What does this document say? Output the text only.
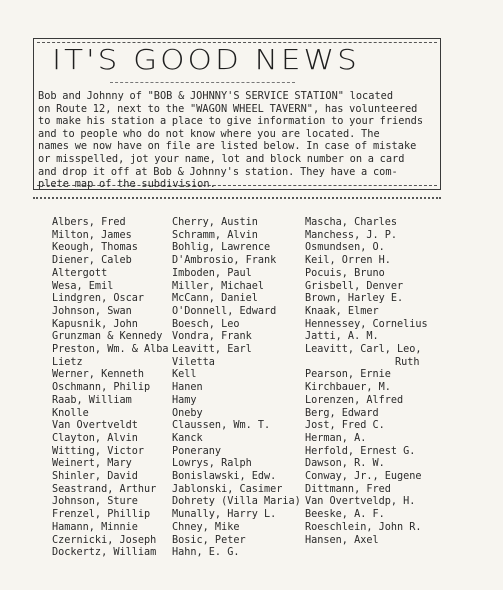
IT'S GOOD NEWS
Bob and Johnny of "BOB & JOHNNY'S SERVICE STATION" located
on Route 12, next to the "WAGON WHEEL TAVERN", has volunteered
to make his station a place to give information to your friends
and to people who do not know where you are located. The
names we now have on file are listed below. In case of mistake
or misspelled, jot your name, lot and block number on a card
and drop it off at Bob & Johnny's station. They have a com-
plete map of the subdivision.
Albers, Fred
Milton, James
Keough, Thomas
Diener, Caleb
Altergott
Wesa, Emil
Lindgren, Oscar
Johnson, Swan
Kapusnik, John
Grunzman & Kennedy
Preston, Wm. & Alba
Lietz
Werner, Kenneth
Oschmann, Philip
Raab, William
Knolle
Van Overtveldt
Clayton, Alvin
Witting, Victor
Weinert, Mary
Shinler, David
Seastrand, Arthur
Johnson, Sture
Frenzel, Phillip
Hamann, Minnie
Czernicki, Joseph
Dockertz, William
Cherry, Austin
Schramm, Alvin
Bohlig, Lawrence
D'Ambrosio, Frank
Imboden, Paul
Miller, Michael
McCann, Daniel
O'Donnell, Edward
Boesch, Leo
Vondra, Frank
Leavitt, Earl
Viletta
Kell
Hanen
Hamy
Oneby
Claussen, Wm. T.
Kanck
Ponerany
Lowrys, Ralph
Bonislawski, Edw.
Jablonski, Casimer
Dohrety (Villa Maria)
Munally, Harry L.
Chney, Mike
Bosic, Peter
Hahn, E. G.
Mascha, Charles
Manchess, J. P.
Osmundsen, O.
Keil, Orren H.
Pocuis, Bruno
Grisbell, Denver
Brown, Harley E.
Knaak, Elmer
Hennessey, Cornelius
Jatti, A. M.
Leavitt, Carl, Leo,
Ruth
Pearson, Ernie
Kirchbauer, M.
Lorenzen, Alfred
Berg, Edward
Jost, Fred C.
Herman, A.
Herfold, Ernest G.
Dawson, R. W.
Conway, Jr., Eugene
Dittmann, Fred
Van Overtveldp, H.
Beeske, A. F.
Roeschlein, John R.
Hansen, Axel
